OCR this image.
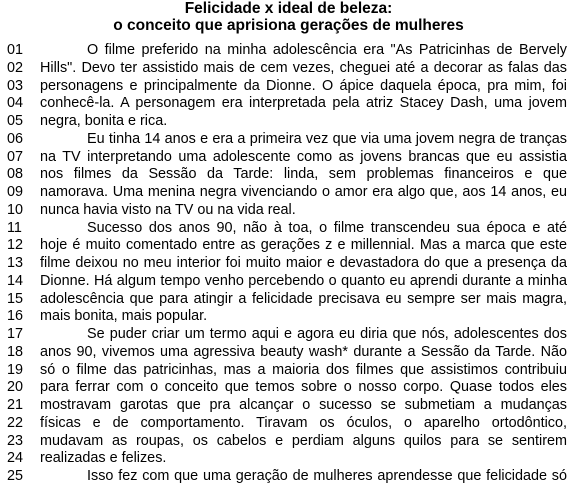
Felicidade x ideal de beleza:
o conceito que aprisiona gerações de mulheres
01	O filme preferido na minha adolescência era "As Patricinhas de Bervely
02 Hills". Devo ter assistido mais de cem vezes, cheguei até a decorar as falas das
03 personagens e principalmente da Dionne. O ápice daquela época, pra mim, foi
04 conhecê-la. A personagem era interpretada pela atriz Stacey Dash, uma jovem
05 negra, bonita e rica.
06	Eu tinha 14 anos e era a primeira vez que via uma jovem negra de tranças
07 na TV interpretando uma adolescente como as jovens brancas que eu assistia
08 nos filmes da Sessão da Tarde: linda, sem problemas financeiros e que
09 namorava. Uma menina negra vivenciando o amor era algo que, aos 14 anos, eu
10 nunca havia visto na TV ou na vida real.
11	Sucesso dos anos 90, não à toa, o filme transcendeu sua época e até
12 hoje é muito comentado entre as gerações z e millennial. Mas a marca que este
13 filme deixou no meu interior foi muito maior e devastadora do que a presença da
14 Dionne. Há algum tempo venho percebendo o quanto eu aprendi durante a minha
15 adolescência que para atingir a felicidade precisava eu sempre ser mais magra,
16 mais bonita, mais popular.
17	Se puder criar um termo aqui e agora eu diria que nós, adolescentes dos
18 anos 90, vivemos uma agressiva beauty wash* durante a Sessão da Tarde. Não
19 só o filme das patricinhas, mas a maioria dos filmes que assistimos contribuiu
20 para ferrar com o conceito que temos sobre o nosso corpo. Quase todos eles
21 mostravam garotas que pra alcançar o sucesso se submetiam a mudanças
22 físicas e de comportamento. Tiravam os óculos, o aparelho ortodôntico,
23 mudavam as roupas, os cabelos e perdiam alguns quilos para se sentirem
24 realizadas e felizes.
25	Isso fez com que uma geração de mulheres aprendesse que felicidade só
